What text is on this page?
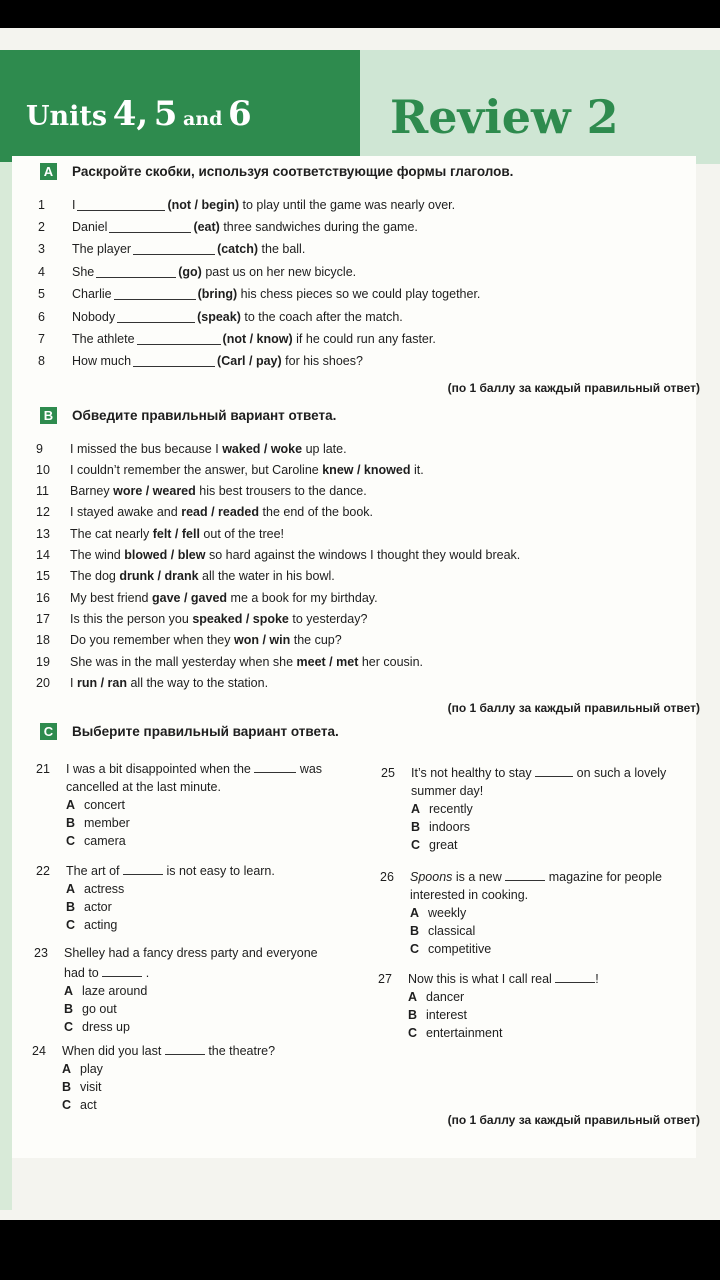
Units 4, 5 and 6	Review 2
A Раскройте скобки, используя соответствующие формы глаголов.
1	I	(not / begin)
to play until the game was nearly over.
2	Daniel	(eat)
three sandwiches during the game.
3	The player	(catch)
the ball.
4	She	(go)
past us on her new bicycle.
5	Charlie	(bring)
his chess pieces so we could play together.
6	Nobody	(speak)
to the coach after the match.
7	The athlete	(not / know)
if he could run any faster.
8	How much	(Carl / pay)
for his shoes?
(по 1 баллу за каждый правильный ответ)
B Обведите правильный вариант ответа.
9	I missed the bus because I
waked / woke
up late.
10	I couldn’t remember the answer, but Caroline
knew / knowed
it.
11	Barney
wore / weared
his best trousers to the dance.
12	I stayed awake and
read / readed
the end of the book.
13	The cat nearly
felt / fell
out of the tree!
14	The wind
blowed / blew
so hard against the windows I thought they would break.
15	The dog
drunk / drank
all the water in his bowl.
16	My best friend
gave / gaved
me a book for my birthday.
17	Is this the person you
speaked / spoke
to yesterday?
18	Do you remember when they
won / win
the cup?
19	She was in the mall yesterday when she
meet / met
her cousin.
20	I
run / ran
all the way to the station.
(по 1 баллу за каждый правильный ответ)
C Выберите правильный вариант ответа.
21 I was a bit disappointed when the	was
cancelled at the last minute.
A concert
B member
C camera
22 The art of	is not easy to learn.
A actress
B actor
C acting
23 Shelley had a fancy dress party and everyone
had to	.
A laze around
B go out
C dress up
24 When did you last	the theatre?
A play
B visit
C act
25 It’s not healthy to stay	on such a lovely
summer day!
A recently
B indoors
C great
26 Spoons is a new	magazine for people
interested in cooking.
A weekly
B classical
C competitive
27 Now this is what I call real	!
A dancer
B interest
C entertainment
(по 1 баллу за каждый правильный ответ)
